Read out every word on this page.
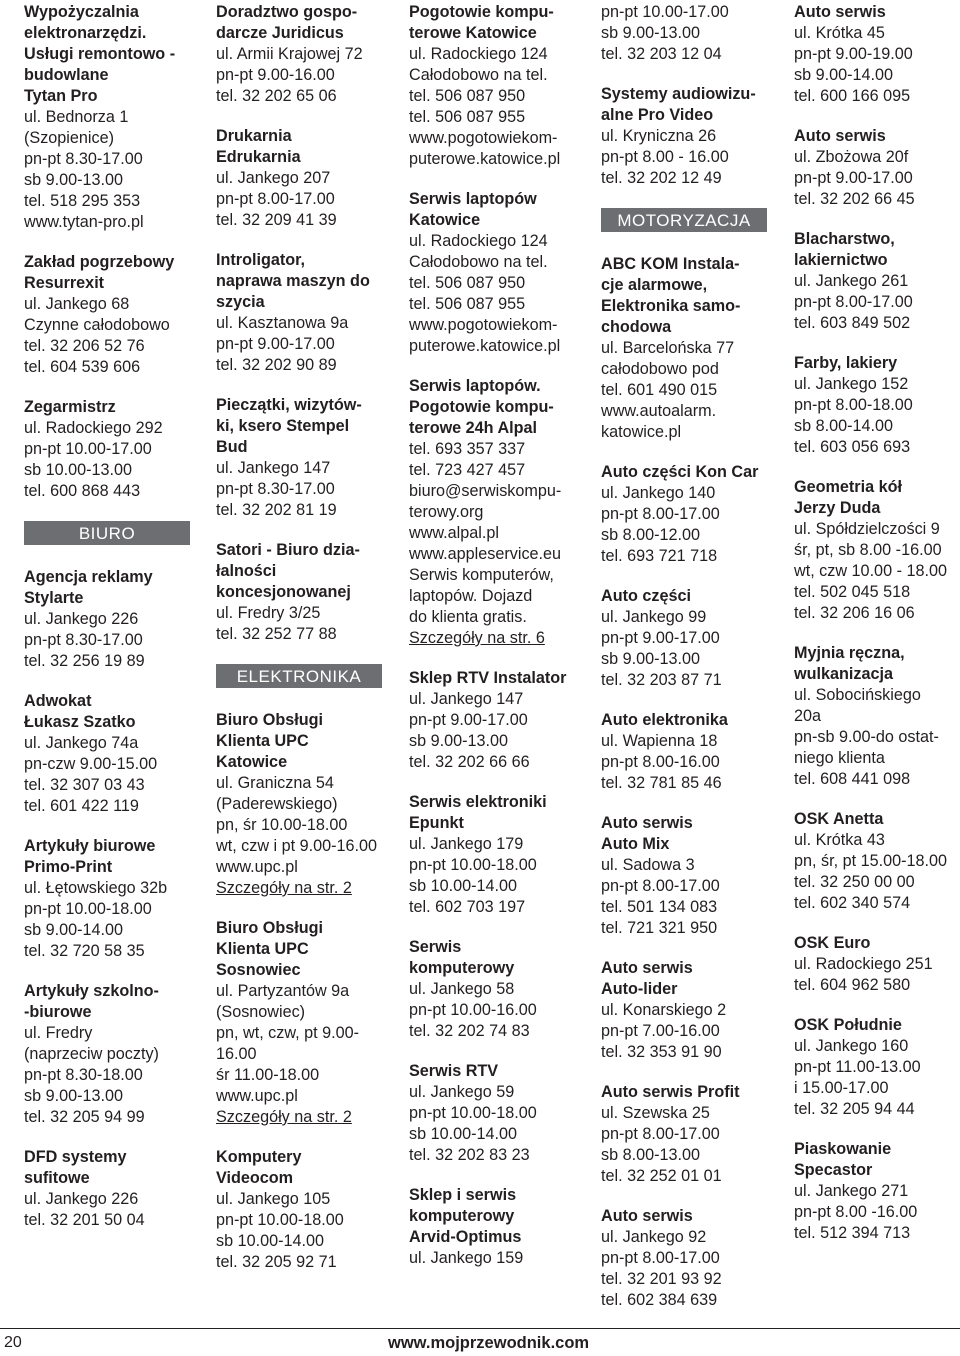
Wypożyczalnia
elektronarzędzi.
Usługi remontowo -
budowlane
Tytan Pro
ul. Bednorza 1
(Szopienice)
pn-pt 8.30-17.00
sb 9.00-13.00
tel. 518 295 353
www.tytan-pro.pl
Zakład pogrzebowy
Resurrexit
ul. Jankego 68
Czynne całodobowo
tel. 32 206 52 76
tel. 604 539 606
Zegarmistrz
ul. Radockiego 292
pn-pt 10.00-17.00
sb 10.00-13.00
tel. 600 868 443
BIURO
Agencja reklamy
Stylarte
ul. Jankego 226
pn-pt 8.30-17.00
tel. 32 256 19 89
Adwokat
Łukasz Szatko
ul. Jankego 74a
pn-czw 9.00-15.00
tel. 32 307 03 43
tel. 601 422 119
Artykuły biurowe
Primo-Print
ul. Łętowskiego 32b
pn-pt 10.00-18.00
sb 9.00-14.00
tel. 32 720 58 35
Artykuły szkolno-
-biurowe
ul. Fredry
(naprzeciw poczty)
pn-pt 8.30-18.00
sb 9.00-13.00
tel. 32 205 94 99
DFD systemy
sufitowe
ul. Jankego 226
tel. 32 201 50 04
Doradztwo gospo-
darcze Juridicus
ul. Armii Krajowej 72
pn-pt 9.00-16.00
tel. 32 202 65 06
Drukarnia
Edrukarnia
ul. Jankego 207
pn-pt 8.00-17.00
tel. 32 209 41 39
Introligator,
naprawa maszyn do
szycia
ul. Kasztanowa 9a
pn-pt 9.00-17.00
tel. 32 202 90 89
Pieczątki, wizytów-
ki, ksero Stempel
Bud
ul. Jankego 147
pn-pt 8.30-17.00
tel. 32 202 81 19
Satori - Biuro dzia-
łalności
koncesjonowanej
ul. Fredry 3/25
tel. 32 252 77 88
ELEKTRONIKA
Biuro Obsługi
Klienta UPC
Katowice
ul. Graniczna 54
(Paderewskiego)
pn, śr 10.00-18.00
wt, czw i pt 9.00-16.00
www.upc.pl
Szczegóły na str. 2
Biuro Obsługi
Klienta UPC
Sosnowiec
ul. Partyzantów 9a
(Sosnowiec)
pn, wt, czw, pt 9.00-
16.00
śr 11.00-18.00
www.upc.pl
Szczegóły na str. 2
Komputery
Videocom
ul. Jankego 105
pn-pt 10.00-18.00
sb 10.00-14.00
tel. 32 205 92 71
Pogotowie kompu-
terowe Katowice
ul. Radockiego 124
Całodobowo na tel.
tel. 506 087 950
tel. 506 087 955
www.pogotowiekom-
puterowe.katowice.pl
Serwis laptopów
Katowice
ul. Radockiego 124
Całodobowo na tel.
tel. 506 087 950
tel. 506 087 955
www.pogotowiekom-
puterowe.katowice.pl
Serwis laptopów.
Pogotowie kompu-
terowe 24h Alpal
tel. 693 357 337
tel. 723 427 457
biuro@serwiskompu-
terowy.org
www.alpal.pl
www.appleservice.eu
Serwis komputerów,
laptopów. Dojazd
do klienta gratis.
Szczegóły na str. 6
Sklep RTV Instalator
ul. Jankego 147
pn-pt 9.00-17.00
sb 9.00-13.00
tel. 32 202 66 66
Serwis elektroniki
Epunkt
ul. Jankego 179
pn-pt 10.00-18.00
sb 10.00-14.00
tel. 602 703 197
Serwis
komputerowy
ul. Jankego 58
pn-pt 10.00-16.00
tel. 32 202 74 83
Serwis RTV
ul. Jankego 59
pn-pt 10.00-18.00
sb 10.00-14.00
tel. 32 202 83 23
Sklep i serwis
komputerowy
Arvid-Optimus
ul. Jankego 159
pn-pt 10.00-17.00
sb 9.00-13.00
tel. 32 203 12 04
Systemy audiowizu-
alne Pro Video
ul. Kryniczna 26
pn-pt 8.00 - 16.00
tel. 32 202 12 49
MOTORYZACJA
ABC KOM Instala-
cje alarmowe,
Elektronika samo-
chodowa
ul. Barcelońska 77
całodobowo pod
tel. 601 490 015
www.autoalarm.
katowice.pl
Auto części Kon Car
ul. Jankego 140
pn-pt 8.00-17.00
sb 8.00-12.00
tel. 693 721 718
Auto części
ul. Jankego 99
pn-pt 9.00-17.00
sb 9.00-13.00
tel. 32 203 87 71
Auto elektronika
ul. Wapienna 18
pn-pt 8.00-16.00
tel. 32 781 85 46
Auto serwis
Auto Mix
ul. Sadowa 3
pn-pt 8.00-17.00
tel. 501 134 083
tel. 721 321 950
Auto serwis
Auto-lider
ul. Konarskiego 2
pn-pt 7.00-16.00
tel. 32 353 91 90
Auto serwis Profit
ul. Szewska 25
pn-pt 8.00-17.00
sb 8.00-13.00
tel. 32 252 01 01
Auto serwis
ul. Jankego 92
pn-pt 8.00-17.00
tel. 32 201 93 92
tel. 602 384 639
Auto serwis
ul. Krótka 45
pn-pt 9.00-19.00
sb 9.00-14.00
tel. 600 166 095
Auto serwis
ul. Zbożowa 20f
pn-pt 9.00-17.00
tel. 32 202 66 45
Blacharstwo,
lakiernictwo
ul. Jankego 261
pn-pt 8.00-17.00
tel. 603 849 502
Farby, lakiery
ul. Jankego 152
pn-pt 8.00-18.00
sb 8.00-14.00
tel. 603 056 693
Geometria kół
Jerzy Duda
ul. Spółdzielczości 9
śr, pt, sb 8.00 -16.00
wt, czw 10.00 - 18.00
tel. 502 045 518
tel. 32 206 16 06
Myjnia ręczna,
wulkanizacja
ul. Sobocińskiego
20a
pn-sb 9.00-do ostat-
niego klienta
tel. 608 441 098
OSK Anetta
ul. Krótka 43
pn, śr, pt 15.00-18.00
tel. 32 250 00 00
tel. 602 340 574
OSK Euro
ul. Radockiego 251
tel. 604 962 580
OSK Południe
ul. Jankego 160
pn-pt 11.00-13.00
i 15.00-17.00
tel. 32 205 94 44
Piaskowanie
Specastor
ul. Jankego 271
pn-pt 8.00 -16.00
tel. 512 394 713
20	www.mojprzewodnik.com
